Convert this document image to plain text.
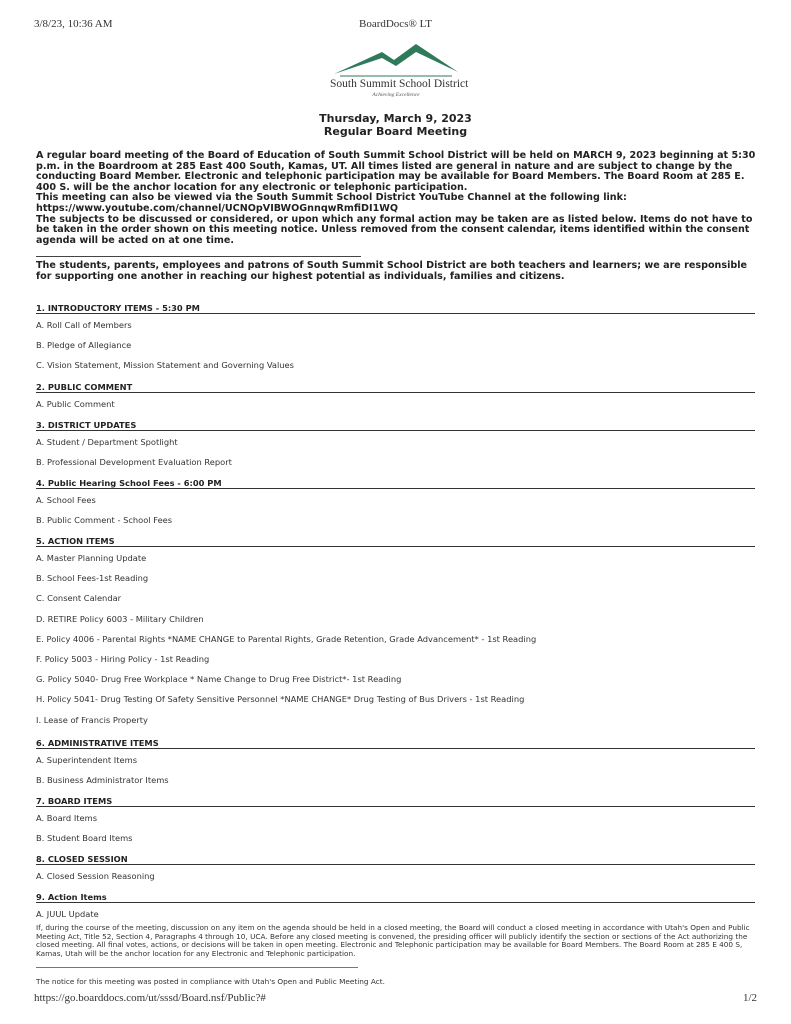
3/8/23, 10:36 AM	BoardDocs® LT
South Summit School District
Achieving Excellence
Thursday, March 9, 2023
Regular Board Meeting

A regular board meeting of the Board of Education of South Summit School District will be held on MARCH 9, 2023 beginning at 5:30 p.m. in the Boardroom at 285 East 400 South, Kamas, UT. All times listed are general in nature and are subject to change by the conducting Board Member. Electronic and telephonic participation may be available for Board Members. The Board Room at 285 E. 400 S. will be the anchor location for any electronic or telephonic participation.

This meeting can also be viewed via the South Summit School District YouTube Channel at the following link:

https://www.youtube.com/channel/UCNOpVIBWOGnnqwRmfiDI1WQ

The subjects to be discussed or considered, or upon which any formal action may be taken are as listed below. Items do not have to be taken in the order shown on this meeting notice. Unless removed from the consent calendar, items identified within the consent agenda will be acted on at one time.

The students, parents, employees and patrons of South Summit School District are both teachers and learners; we are responsible for supporting one another in reaching our highest potential as individuals, families and citizens.
1. INTRODUCTORY ITEMS - 5:30 PM
A. Roll Call of Members
B. Pledge of Allegiance
C. Vision Statement, Mission Statement and Governing Values
2. PUBLIC COMMENT
A. Public Comment
3. DISTRICT UPDATES
A. Student / Department Spotlight
B. Professional Development Evaluation Report
4. Public Hearing School Fees - 6:00 PM
A. School Fees
B. Public Comment - School Fees
5. ACTION ITEMS
A. Master Planning Update
B. School Fees-1st Reading
C. Consent Calendar
D. RETIRE Policy 6003 - Military Children
E. Policy 4006 - Parental Rights *NAME CHANGE to Parental Rights, Grade Retention, Grade Advancement* - 1st Reading
F. Policy 5003 - Hiring Policy - 1st Reading
G. Policy 5040- Drug Free Workplace * Name Change to Drug Free District*- 1st Reading
H. Policy 5041- Drug Testing Of Safety Sensitive Personnel *NAME CHANGE* Drug Testing of Bus Drivers - 1st Reading
I. Lease of Francis Property
6. ADMINISTRATIVE ITEMS
A. Superintendent Items
B. Business Administrator Items
7. BOARD ITEMS
A. Board Items
B. Student Board Items
8. CLOSED SESSION
A. Closed Session Reasoning
9. Action Items
A. JUUL Update
If, during the course of the meeting, discussion on any item on the agenda should be held in a closed meeting, the Board will conduct a closed meeting in accordance with Utah's Open and Public Meeting Act, Title 52, Section 4, Paragraphs 4 through 10, UCA. Before any closed meeting is convened, the presiding officer will publicly identify the section or sections of the Act authorizing the closed meeting. All final votes, actions, or decisions will be taken in open meeting. Electronic and Telephonic participation may be available for Board Members. The Board Room at 285 E 400 S, Kamas, Utah will be the anchor location for any Electronic and Telephonic participation.
The notice for this meeting was posted in compliance with Utah's Open and Public Meeting Act.
https://go.boarddocs.com/ut/sssd/Board.nsf/Public?#	1/2
